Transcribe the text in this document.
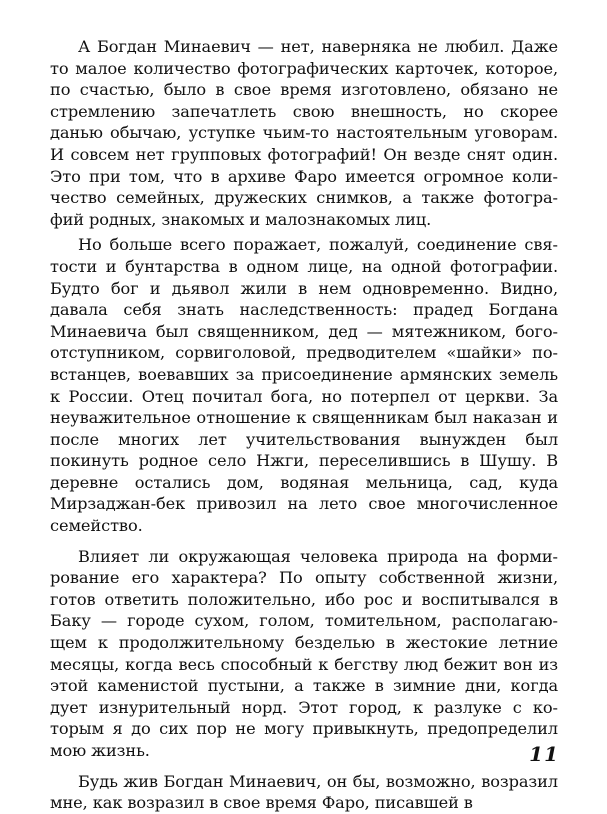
А Богдан Минаевич — нет, наверняка не любил. Даже то малое количество фотографических карточек, которое, по счастью, было в свое время изготовлено, обязано не стремлению запечатлеть свою внешность, но скорее данью обычаю, уступке чьим-то настоятельным уговорам. И совсем нет групповых фотографий! Он везде снят один. Это при том, что в архиве Фаро имеется огромное количество семейных, дружеских снимков, а также фотографий родных, знакомых и малознакомых лиц.

Но больше всего поражает, пожалуй, соединение святости и бунтарства в одном лице, на одной фотографии. Будто бог и дьявол жили в нем одновременно. Видно, давала себя знать наследственность: прадед Богдана Минаевича был священником, дед — мятежником, богоотступником, сорвиголовой, предводителем «шайки» повстанцев, воевавших за присоединение армянских земель к России. Отец почитал бога, но потерпел от церкви. За неуважительное отношение к священникам был наказан и после многих лет учительствования вынужден был покинуть родное село Нжги, переселившись в Шушу. В деревне остались дом, водяная мельница, сад, куда Мирзаджан-бек привозил на лето свое многочисленное семейство.

Влияет ли окружающая человека природа на формирование его характера? По опыту собственной жизни, готов ответить положительно, ибо рос и воспитывался в Баку — городе сухом, голом, томительном, располагающем к продолжительному безделью в жестокие летние месяцы, когда весь способный к бегству люд бежит вон из этой каменистой пустыни, а также в зимние дни, когда дует изнурительный норд. Этот город, к разлуке с которым я до сих пор не могу привыкнуть, предопределил мою жизнь.

Будь жив Богдан Минаевич, он бы, возможно, возразил мне, как возразил в свое время Фаро, писавшей в

11
